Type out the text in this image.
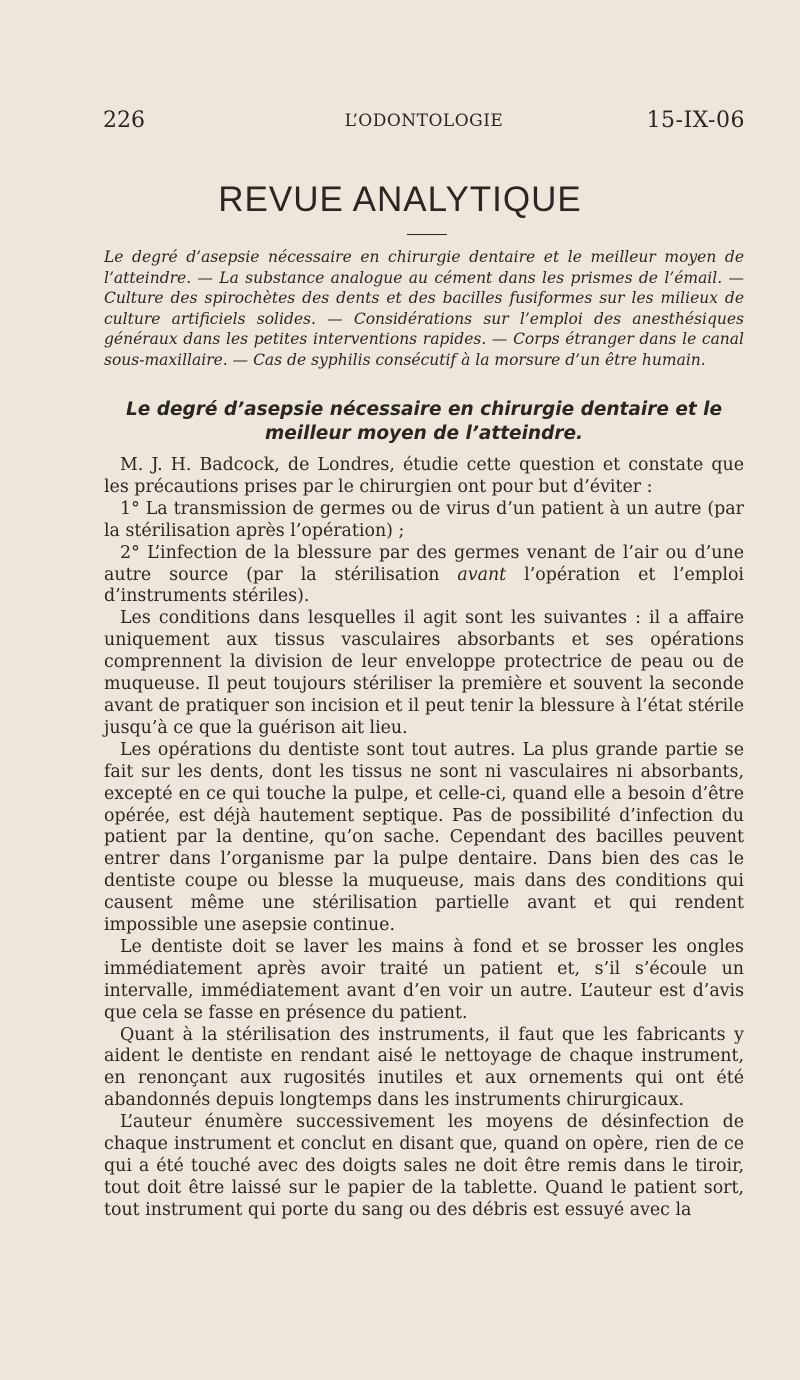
226	L’ODONTOLOGIE	15-IX-06
REVUE ANALYTIQUE

Le degré d’asepsie nécessaire en chirurgie dentaire et le meilleur moyen de l’atteindre. — La substance analogue au cément dans les prismes de l’émail. — Culture des spirochètes des dents et des bacilles fusiformes sur les milieux de culture artificiels solides. — Considérations sur l’emploi des anesthésiques généraux dans les petites interventions rapides. — Corps étranger dans le canal sous-maxillaire. — Cas de syphilis consécutif à la morsure d’un être humain.

Le degré d’asepsie nécessaire en chirurgie dentaire et le meilleur moyen de l’atteindre.

M. J. H. Badcock, de Londres, étudie cette question et constate que les précautions prises par le chirurgien ont pour but d’éviter :

1° La transmission de germes ou de virus d’un patient à un autre (par la stérilisation après l’opération) ;

2° L’infection de la blessure par des germes venant de l’air ou d’une autre source (par la stérilisation avant l’opération et l’emploi d’instruments stériles).

Les conditions dans lesquelles il agit sont les suivantes : il a affaire uniquement aux tissus vasculaires absorbants et ses opérations comprennent la division de leur enveloppe protectrice de peau ou de muqueuse. Il peut toujours stériliser la première et souvent la seconde avant de pratiquer son incision et il peut tenir la blessure à l’état stérile jusqu’à ce que la guérison ait lieu.

Les opérations du dentiste sont tout autres. La plus grande partie se fait sur les dents, dont les tissus ne sont ni vasculaires ni absorbants, excepté en ce qui touche la pulpe, et celle-ci, quand elle a besoin d’être opérée, est déjà hautement septique. Pas de possibilité d’infection du patient par la dentine, qu’on sache. Cependant des bacilles peuvent entrer dans l’organisme par la pulpe dentaire. Dans bien des cas le dentiste coupe ou blesse la muqueuse, mais dans des conditions qui causent même une stérilisation partielle avant et qui rendent impossible une asepsie continue.

Le dentiste doit se laver les mains à fond et se brosser les ongles immédiatement après avoir traité un patient et, s’il s’écoule un intervalle, immédiatement avant d’en voir un autre. L’auteur est d’avis que cela se fasse en présence du patient.

Quant à la stérilisation des instruments, il faut que les fabricants y aident le dentiste en rendant aisé le nettoyage de chaque instrument, en renonçant aux rugosités inutiles et aux ornements qui ont été abandonnés depuis longtemps dans les instruments chirurgicaux.

L’auteur énumère successivement les moyens de désinfection de chaque instrument et conclut en disant que, quand on opère, rien de ce qui a été touché avec des doigts sales ne doit être remis dans le tiroir, tout doit être laissé sur le papier de la tablette. Quand le patient sort, tout instrument qui porte du sang ou des débris est essuyé avec la
